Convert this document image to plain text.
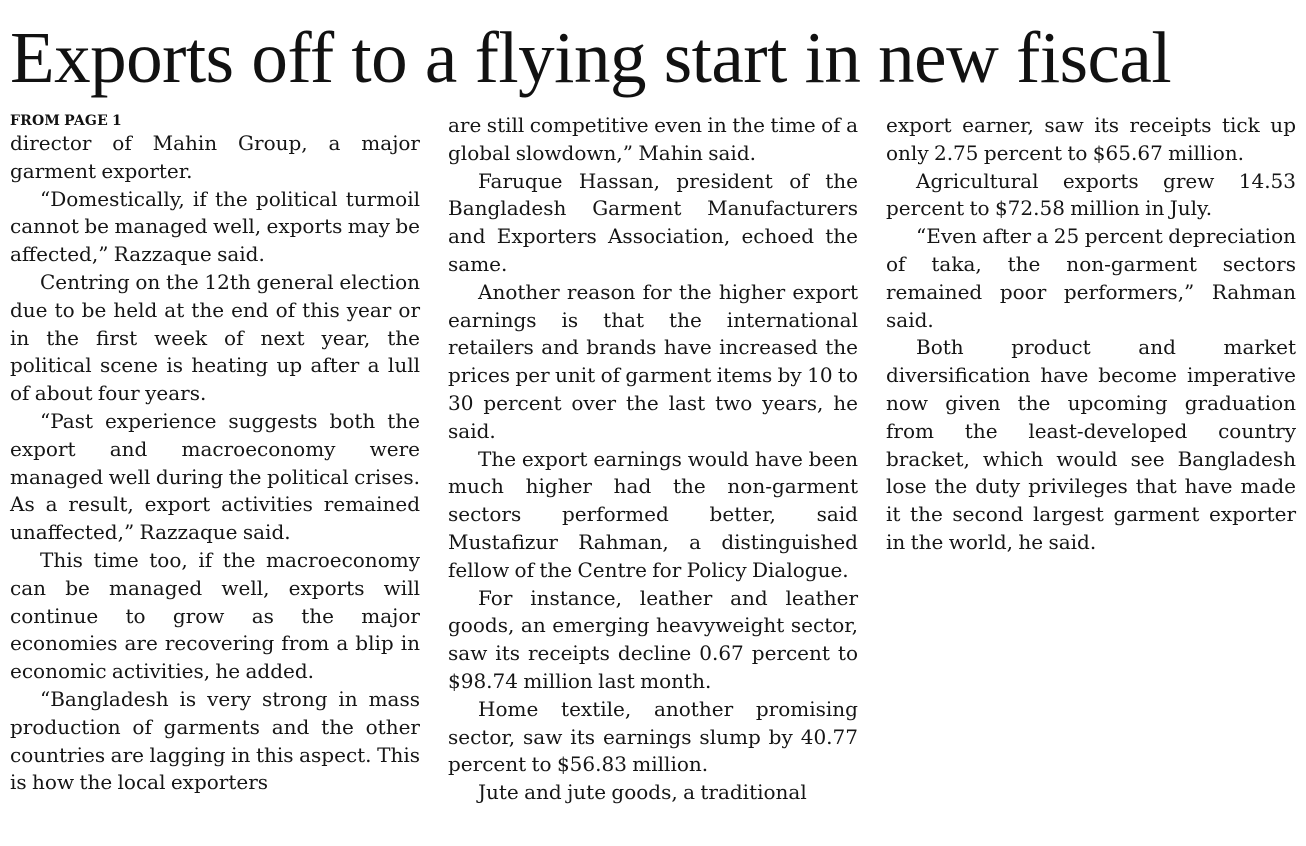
Exports off to a flying start in new fiscal
FROM PAGE 1

director of Mahin Group, a major garment exporter.

“Domestically, if the political turmoil cannot be managed well, exports may be affected,” Razzaque said.

Centring on the 12th general election due to be held at the end of this year or in the first week of next year, the political scene is heating up after a lull of about four years.

“Past experience suggests both the export and macroeconomy were managed well during the political crises. As a result, export activities remained unaffected,” Razzaque said.

This time too, if the macroeconomy can be managed well, exports will continue to grow as the major economies are recovering from a blip in economic activities, he added.

“Bangladesh is very strong in mass production of garments and the other countries are lagging in this aspect. This is how the local exporters

are still competitive even in the time of a global slowdown,” Mahin said.

Faruque Hassan, president of the Bangladesh Garment Manufacturers and Exporters Association, echoed the same.

Another reason for the higher export earnings is that the international retailers and brands have increased the prices per unit of garment items by 10 to 30 percent over the last two years, he said.

The export earnings would have been much higher had the non-garment sectors performed better, said Mustafizur Rahman, a distinguished fellow of the Centre for Policy Dialogue.

For instance, leather and leather goods, an emerging heavyweight sector, saw its receipts decline 0.67 percent to $98.74 million last month.

Home textile, another promising sector, saw its earnings slump by 40.77 percent to $56.83 million.

Jute and jute goods, a traditional

export earner, saw its receipts tick up only 2.75 percent to $65.67 million.

Agricultural exports grew 14.53 percent to $72.58 million in July.

“Even after a 25 percent depreciation of taka, the non-garment sectors remained poor performers,” Rahman said.

Both product and market diversification have become imperative now given the upcoming graduation from the least-developed country bracket, which would see Bangladesh lose the duty privileges that have made it the second largest garment exporter in the world, he said.
